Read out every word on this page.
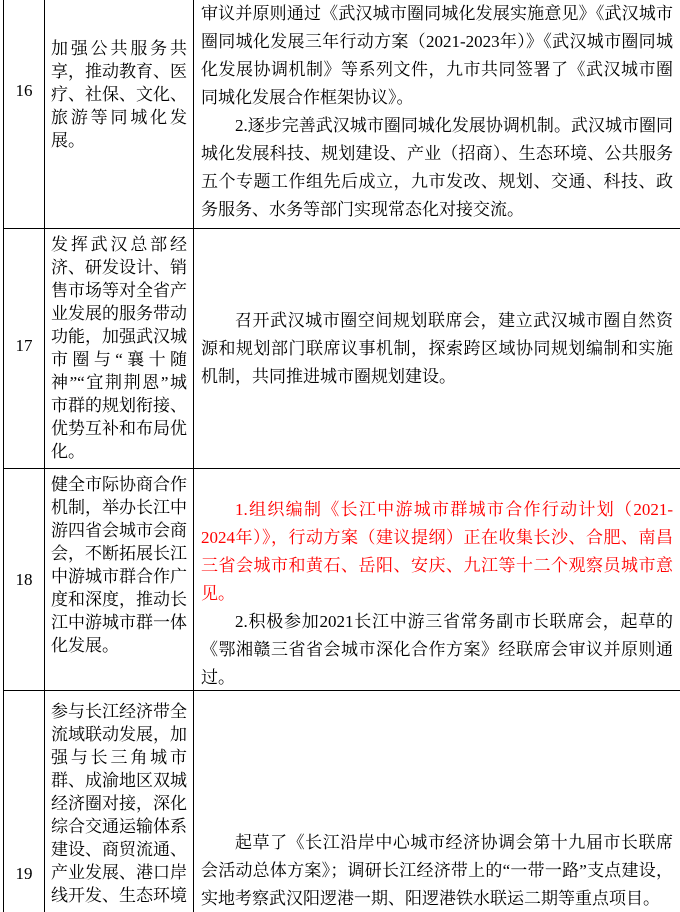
16

加强公共服务共享，推动教育、医疗、社保、文化、旅游等同城化发展。

审议并原则通过《武汉城市圈同城化发展实施意见》《武汉城市圈同城化发展三年行动方案（2021-2023年）》《武汉城市圈同城化发展协调机制》等系列文件，九市共同签署了《武汉城市圈同城化发展合作框架协议》。

2.逐步完善武汉城市圈同城化发展协调机制。武汉城市圈同城化发展科技、规划建设、产业（招商）、生态环境、公共服务五个专题工作组先后成立，九市发改、规划、交通、科技、政务服务、水务等部门实现常态化对接交流。

17

发挥武汉总部经济、研发设计、销售市场等对全省产业发展的服务带动功能，加强武汉城市圈与“襄十随神”“宜荆荆恩”城市群的规划衔接、优势互补和布局优化。

召开武汉城市圈空间规划联席会，建立武汉城市圈自然资源和规划部门联席议事机制，探索跨区域协同规划编制和实施机制，共同推进城市圈规划建设。

18

健全市际协商合作机制，举办长江中游四省会城市会商会，不断拓展长江中游城市群合作广度和深度，推动长江中游城市群一体化发展。

1.组织编制《长江中游城市群城市合作行动计划（2021-2024年）》，行动方案（建议提纲）正在收集长沙、合肥、南昌三省会城市和黄石、岳阳、安庆、九江等十二个观察员城市意见。

2.积极参加2021长江中游三省常务副市长联席会，起草的《鄂湘赣三省省会城市深化合作方案》经联席会审议并原则通过。

19

参与长江经济带全流域联动发展，加强与长三角城市群、成渝地区双城经济圈对接，深化综合交通运输体系建设、商贸流通、产业发展、港口岸线开发、生态环境

起草了《长江沿岸中心城市经济协调会第十九届市长联席会活动总体方案》；调研长江经济带上的“一带一路”支点建设，实地考察武汉阳逻港一期、阳逻港铁水联运二期等重点项目。
